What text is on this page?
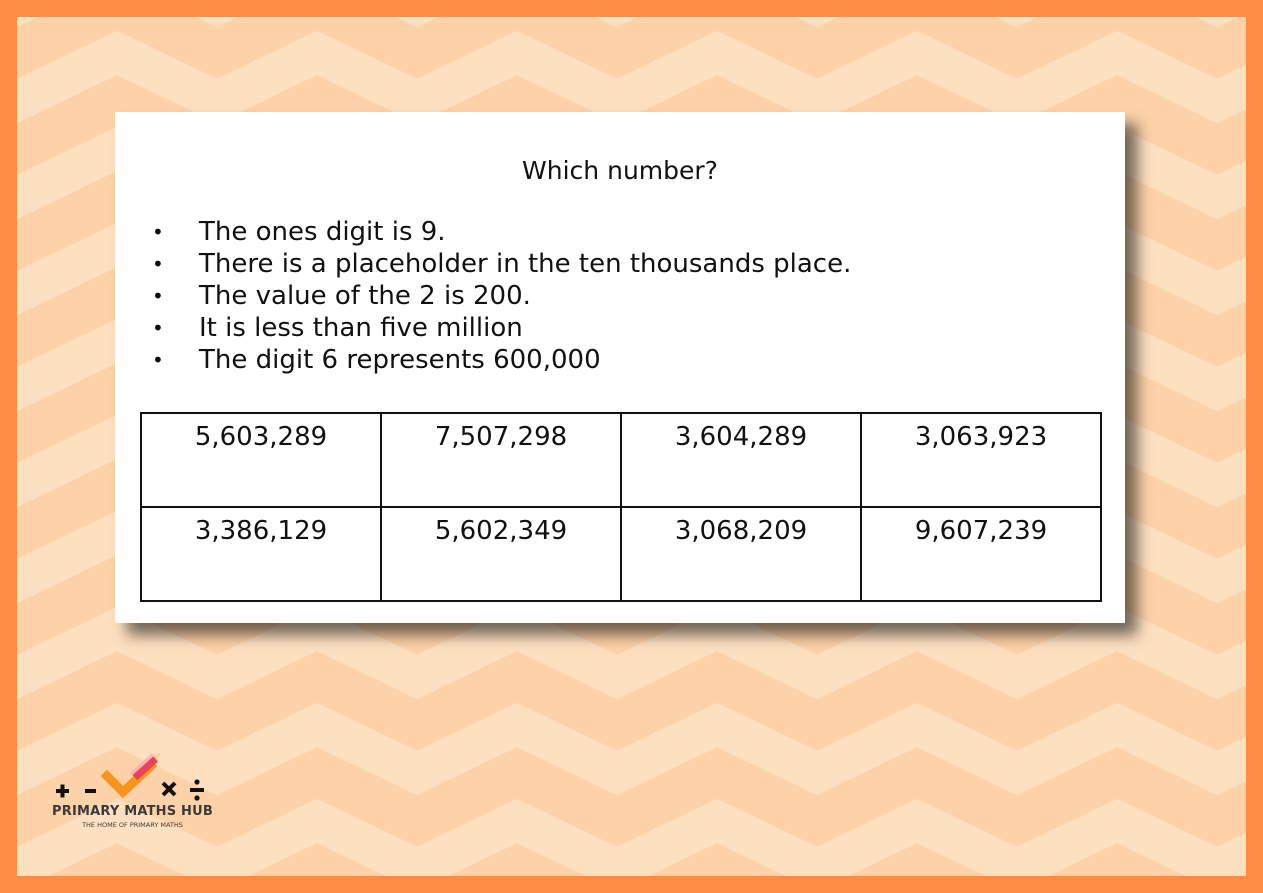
Which number?
• The ones digit is 9.
• There is a placeholder in the ten thousands place.
• The value of the 2 is 200.
• It is less than five million
• The digit 6 represents 600,000
5,603,289	7,507,298	3,604,289	3,063,923
3,386,129	5,602,349	3,068,209	9,607,239
PRIMARY MATHS HUB
THE HOME OF PRIMARY MATHS
